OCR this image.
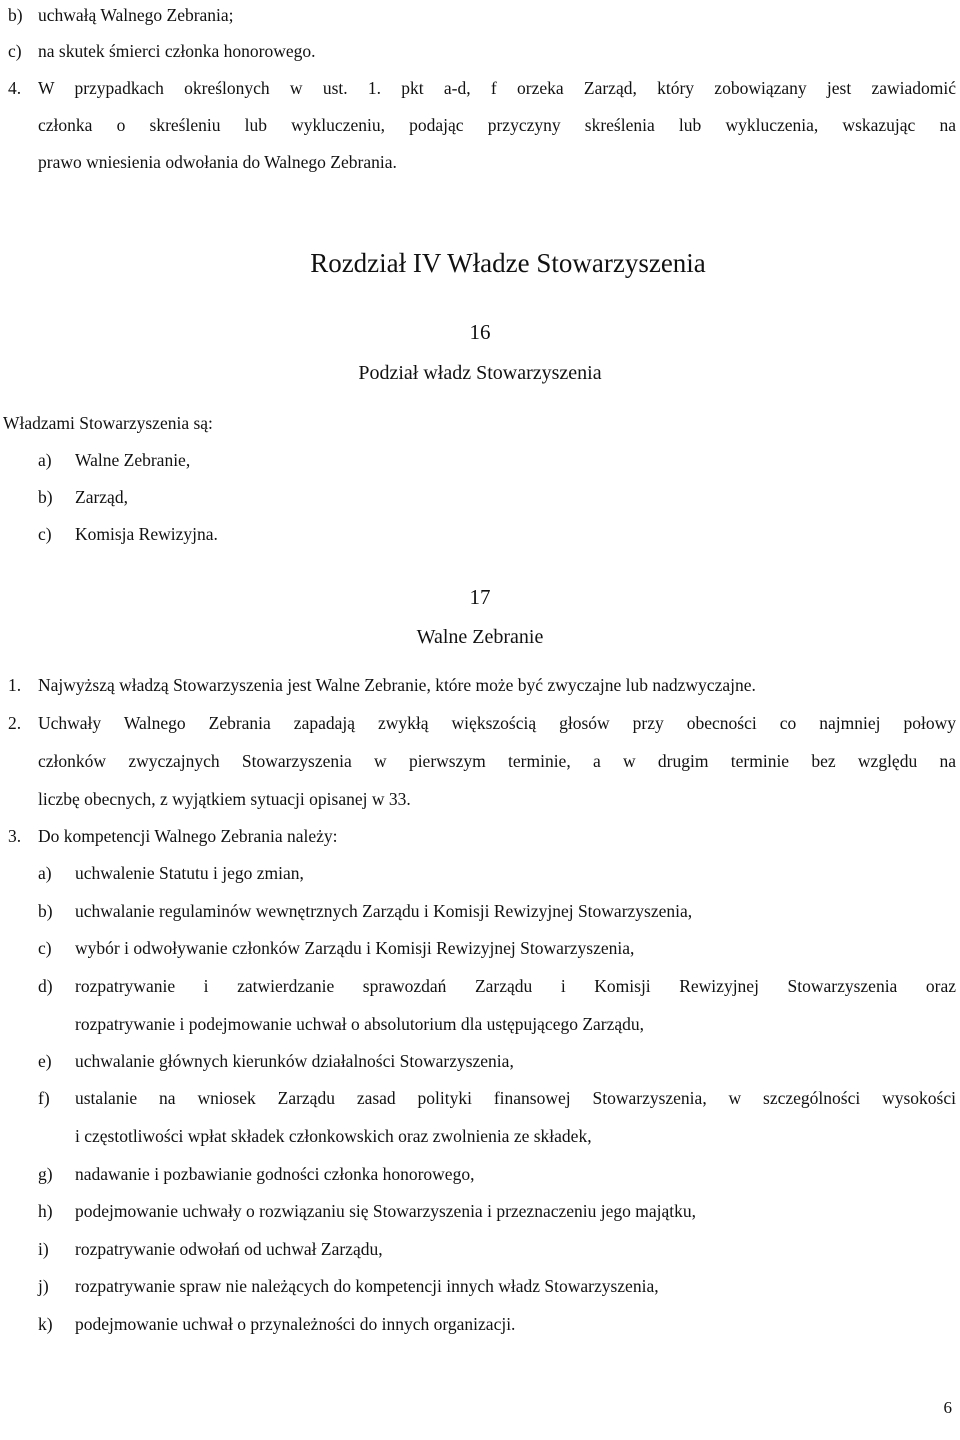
b) uchwałą Walnego Zebrania;
c) na skutek śmierci członka honorowego.
4. W przypadkach określonych w ust. 1. pkt a-d, f orzeka Zarząd, który zobowiązany jest zawiadomić
członka o skreśleniu lub wykluczeniu, podając przyczyny skreślenia lub wykluczenia, wskazując na
prawo wniesienia odwołania do Walnego Zebrania.
Rozdział IV Władze Stowarzyszenia
16
Podział władz Stowarzyszenia
Władzami Stowarzyszenia są:
a) Walne Zebranie,
b) Zarząd,
c) Komisja Rewizyjna.
17
Walne Zebranie
1. Najwyższą władzą Stowarzyszenia jest Walne Zebranie, które może być zwyczajne lub nadzwyczajne.
2. Uchwały Walnego Zebrania zapadają zwykłą większością głosów przy obecności co najmniej połowy
członków zwyczajnych Stowarzyszenia w pierwszym terminie, a w drugim terminie bez względu na
liczbę obecnych, z wyjątkiem sytuacji opisanej w 33.
3. Do kompetencji Walnego Zebrania należy:
a) uchwalenie Statutu i jego zmian,
b) uchwalanie regulaminów wewnętrznych Zarządu i Komisji Rewizyjnej Stowarzyszenia,
c) wybór i odwoływanie członków Zarządu i Komisji Rewizyjnej Stowarzyszenia,
d) rozpatrywanie i zatwierdzanie sprawozdań Zarządu i Komisji Rewizyjnej Stowarzyszenia oraz
rozpatrywanie i podejmowanie uchwał o absolutorium dla ustępującego Zarządu,
e) uchwalanie głównych kierunków działalności Stowarzyszenia,
f) ustalanie na wniosek Zarządu zasad polityki finansowej Stowarzyszenia, w szczególności wysokości
i częstotliwości wpłat składek członkowskich oraz zwolnienia ze składek,
g) nadawanie i pozbawianie godności członka honorowego,
h) podejmowanie uchwały o rozwiązaniu się Stowarzyszenia i przeznaczeniu jego majątku,
i) rozpatrywanie odwołań od uchwał Zarządu,
j) rozpatrywanie spraw nie należących do kompetencji innych władz Stowarzyszenia,
k) podejmowanie uchwał o przynależności do innych organizacji.
6
